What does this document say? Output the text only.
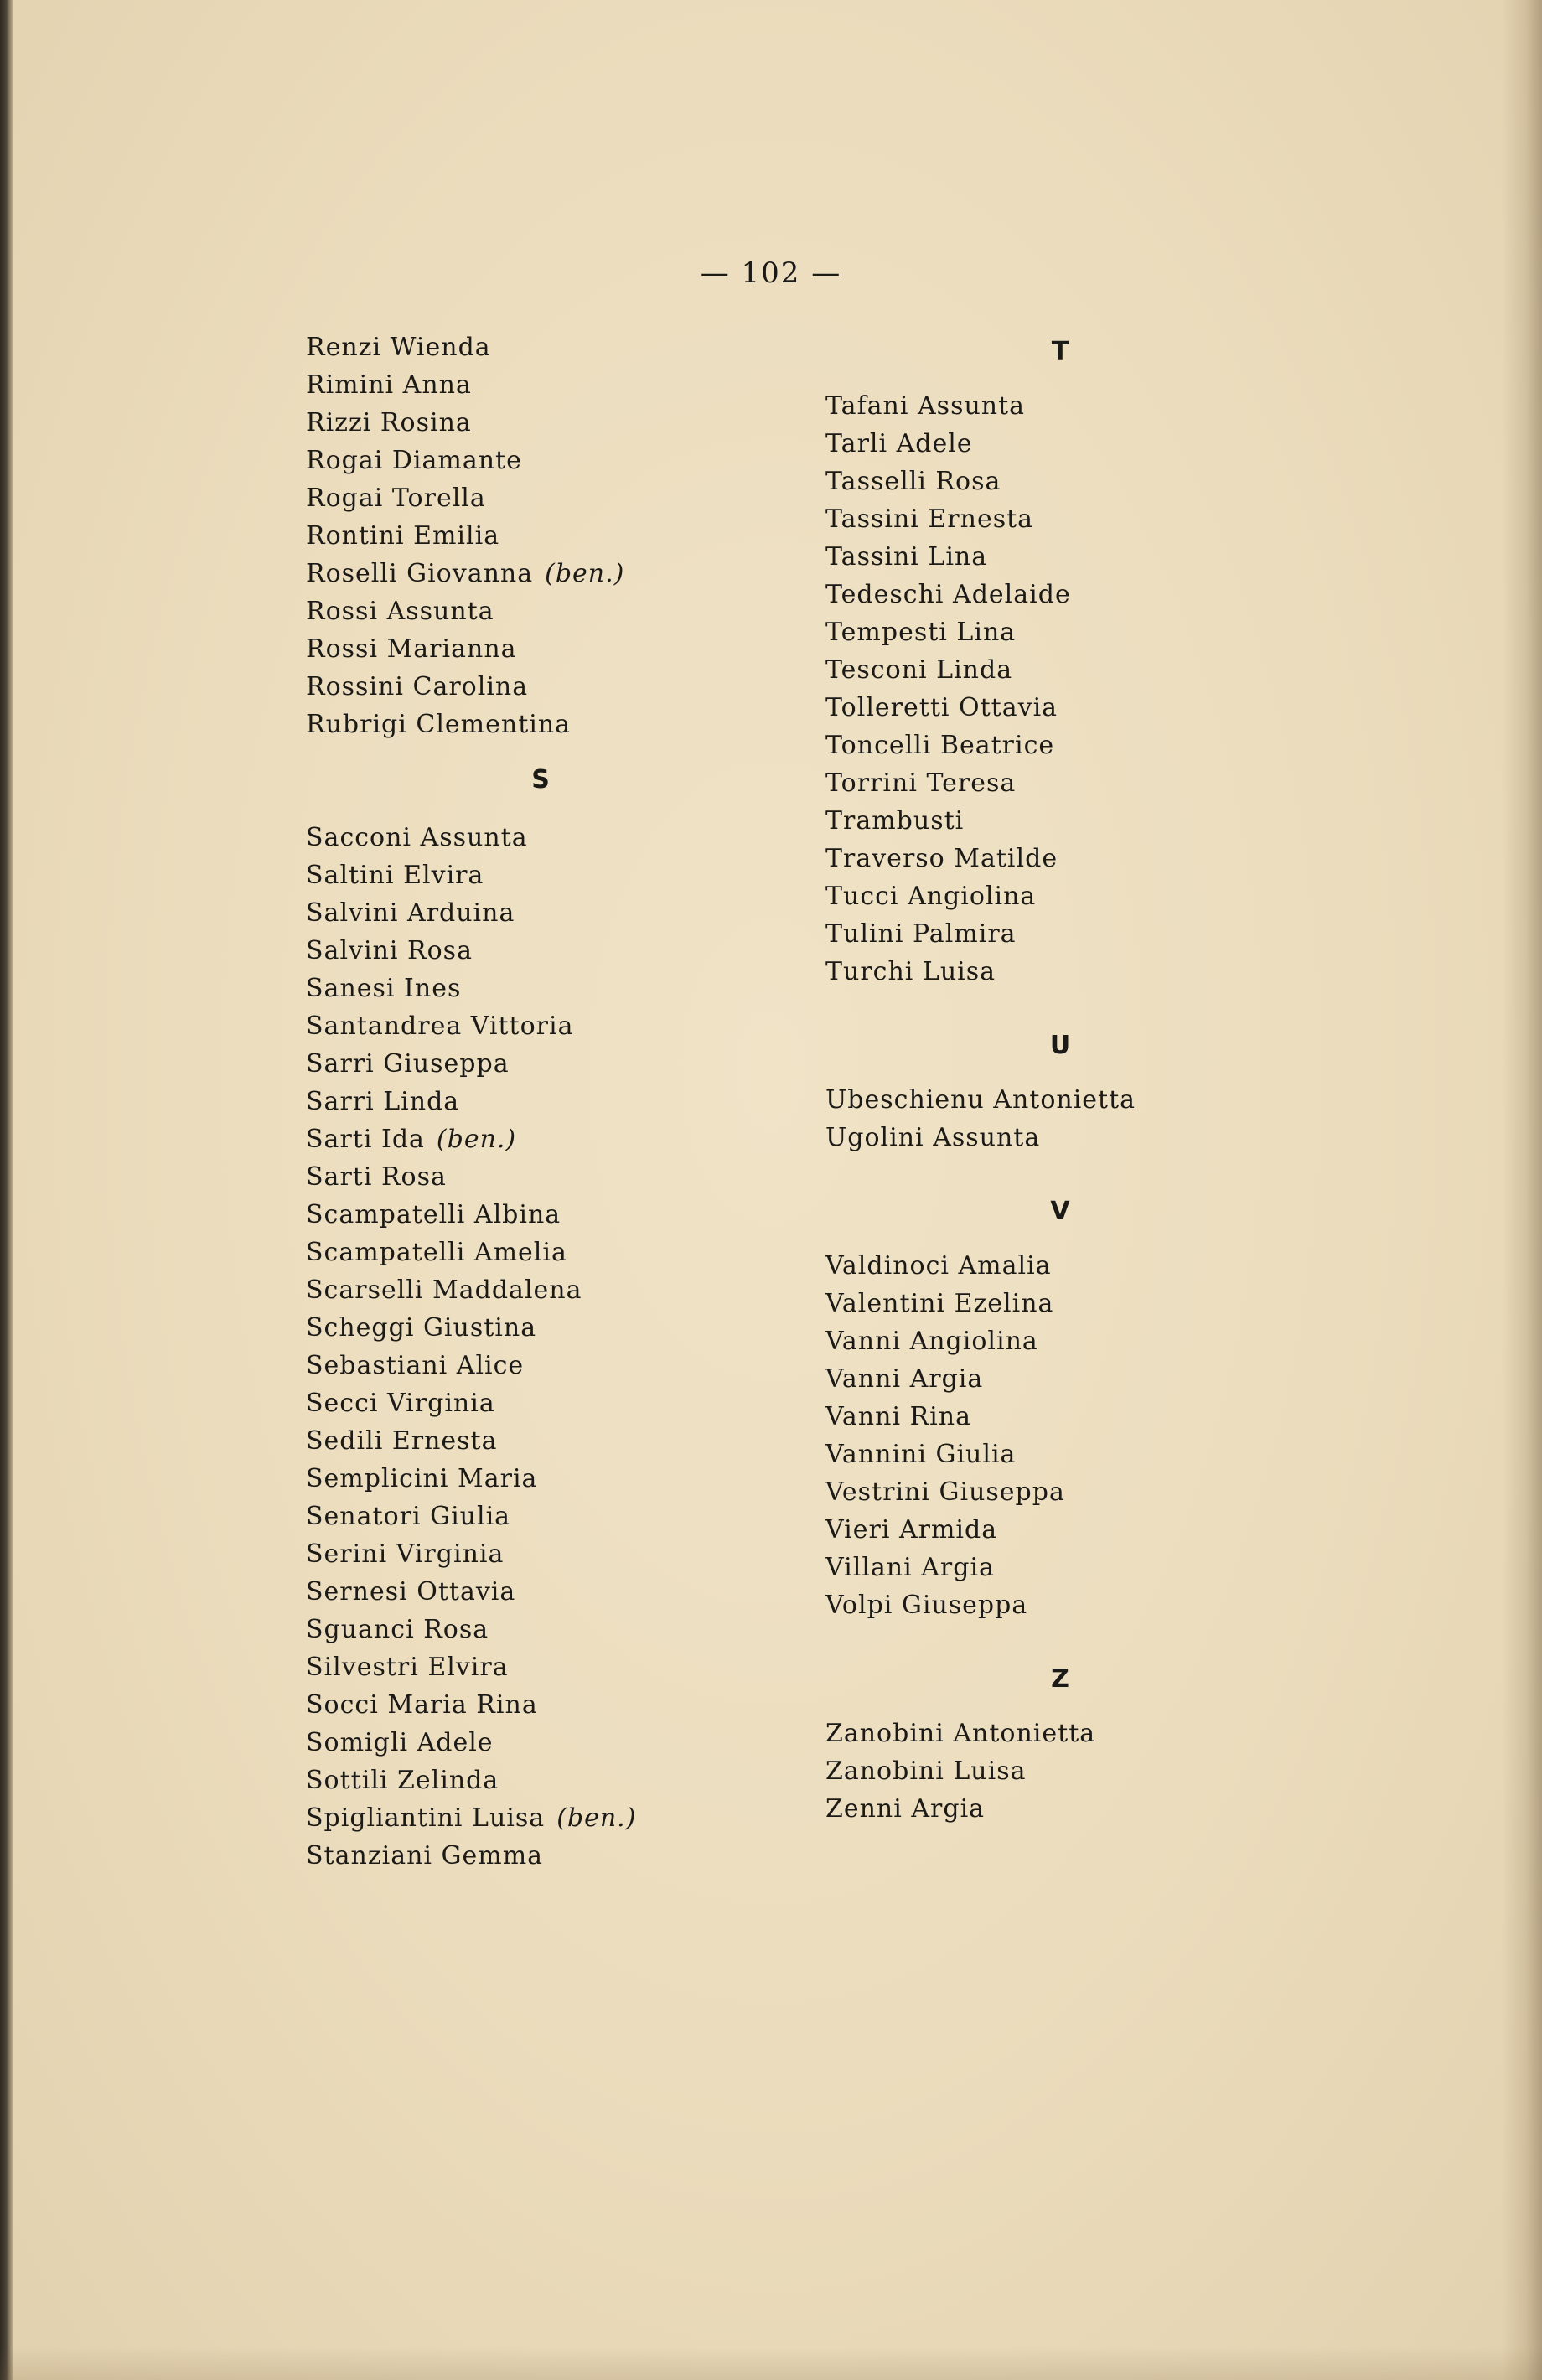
— 102 —
Renzi Wienda
Rimini Anna
Rizzi Rosina
Rogai Diamante
Rogai Torella
Rontini Emilia
Roselli Giovanna (ben.)
Rossi Assunta
Rossi Marianna
Rossini Carolina
Rubrigi Clementina
S
Sacconi Assunta
Saltini Elvira
Salvini Arduina
Salvini Rosa
Sanesi Ines
Santandrea Vittoria
Sarri Giuseppa
Sarri Linda
Sarti Ida (ben.)
Sarti Rosa
Scampatelli Albina
Scampatelli Amelia
Scarselli Maddalena
Scheggi Giustina
Sebastiani Alice
Secci Virginia
Sedili Ernesta
Semplicini Maria
Senatori Giulia
Serini Virginia
Sernesi Ottavia
Sguanci Rosa
Silvestri Elvira
Socci Maria Rina
Somigli Adele
Sottili Zelinda
Spigliantini Luisa (ben.)
Stanziani Gemma
T
Tafani Assunta
Tarli Adele
Tasselli Rosa
Tassini Ernesta
Tassini Lina
Tedeschi Adelaide
Tempesti Lina
Tesconi Linda
Tolleretti Ottavia
Toncelli Beatrice
Torrini Teresa
Trambusti
Traverso Matilde
Tucci Angiolina
Tulini Palmira
Turchi Luisa
U
Ubeschienu Antonietta
Ugolini Assunta
V
Valdinoci Amalia
Valentini Ezelina
Vanni Angiolina
Vanni Argia
Vanni Rina
Vannini Giulia
Vestrini Giuseppa
Vieri Armida
Villani Argia
Volpi Giuseppa
Z
Zanobini Antonietta
Zanobini Luisa
Zenni Argia
